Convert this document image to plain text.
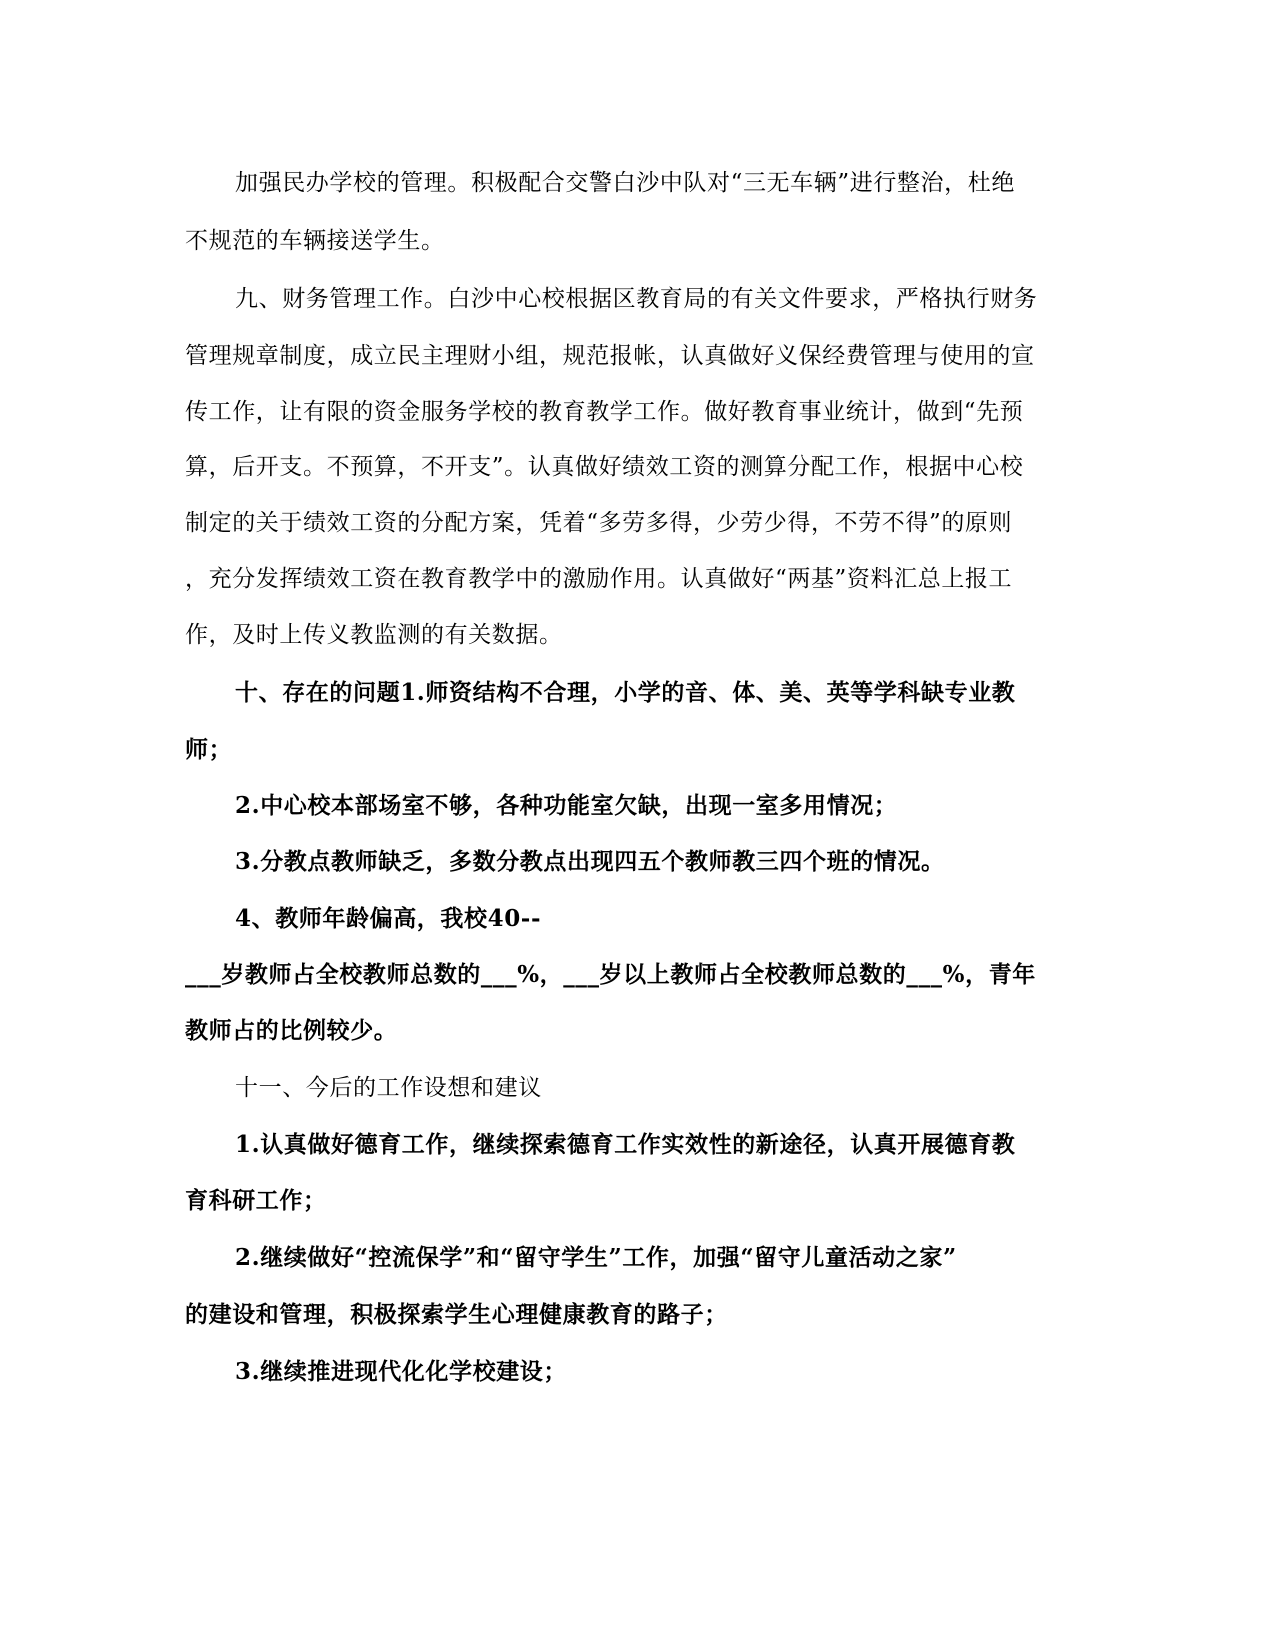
加强民办学校的管理。积极配合交警白沙中队对“三无车辆”进行整治，杜绝
不规范的车辆接送学生。
九、财务管理工作。白沙中心校根据区教育局的有关文件要求，严格执行财务
管理规章制度，成立民主理财小组，规范报帐，认真做好义保经费管理与使用的宣
传工作，让有限的资金服务学校的教育教学工作。做好教育事业统计，做到“先预
算，后开支。不预算，不开支”。认真做好绩效工资的测算分配工作，根据中心校
制定的关于绩效工资的分配方案，凭着“多劳多得，少劳少得，不劳不得”的原则
，充分发挥绩效工资在教育教学中的激励作用。认真做好“两基”资料汇总上报工
作，及时上传义教监测的有关数据。
十、存在的问题1.师资结构不合理，小学的音、体、美、英等学科缺专业教
师；
2.中心校本部场室不够，各种功能室欠缺，出现一室多用情况；
3.分教点教师缺乏，多数分教点出现四五个教师教三四个班的情况。
4、教师年龄偏高，我校40--
___岁教师占全校教师总数的___%，___岁以上教师占全校教师总数的___%，青年
教师占的比例较少。
十一、今后的工作设想和建议
1.认真做好德育工作，继续探索德育工作实效性的新途径，认真开展德育教
育科研工作；
2.继续做好“控流保学”和“留守学生”工作，加强“留守儿童活动之家”
的建设和管理，积极探索学生心理健康教育的路子；
3.继续推进现代化化学校建设；
